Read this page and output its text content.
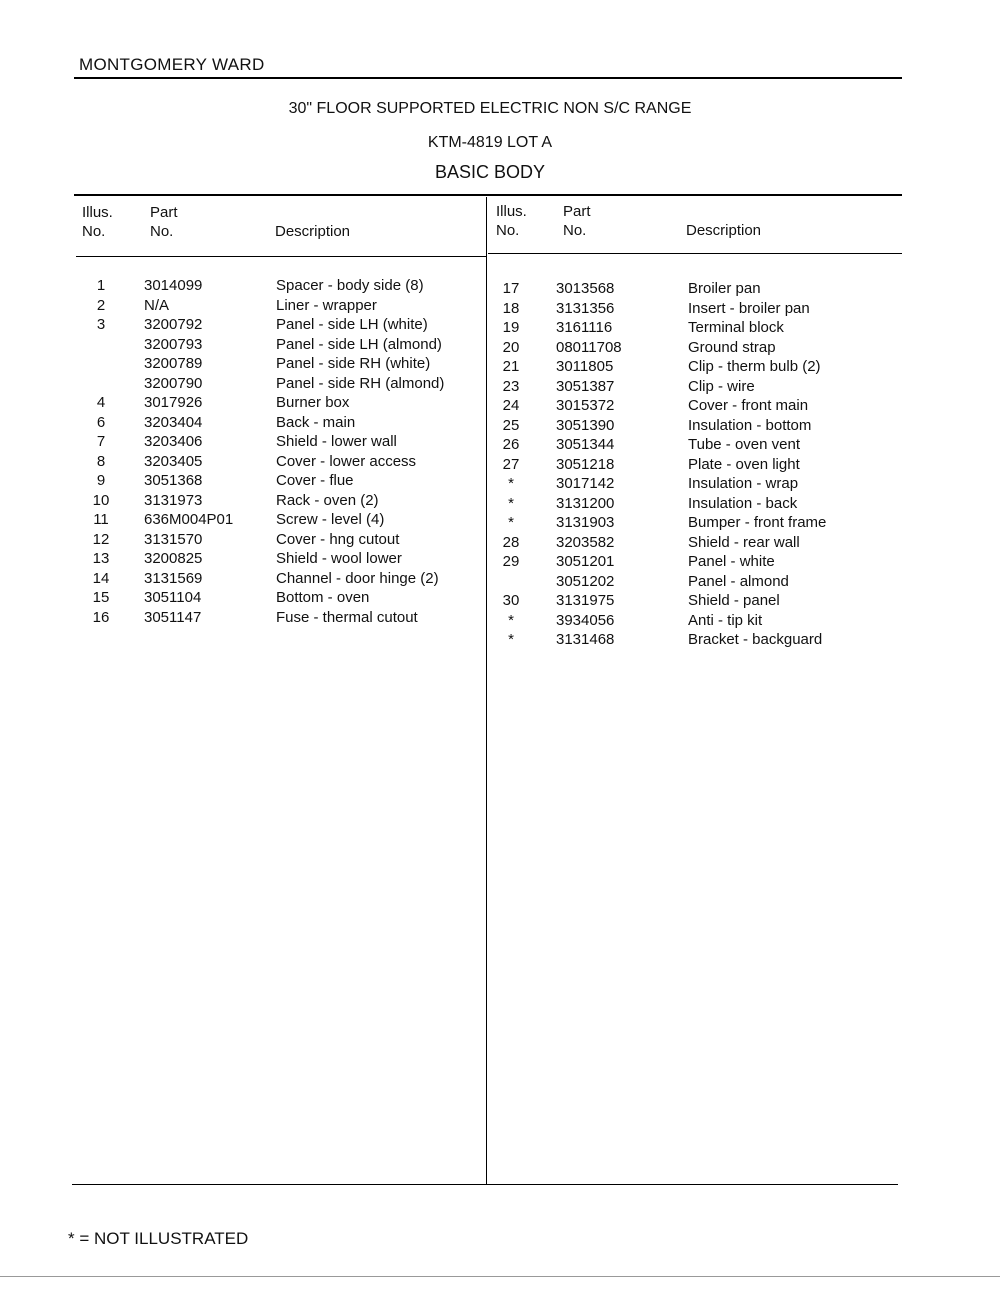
MONTGOMERY WARD
30" FLOOR SUPPORTED ELECTRIC NON S/C RANGE
KTM-4819 LOT A
BASIC BODY
Illus.
No.
Part
No.	Description
Illus.
No.
Part
No.	Description
1	3014099	Spacer - body side (8)
2	N/A	Liner - wrapper
3	3200792	Panel - side LH (white)
3200793	Panel - side LH (almond)
3200789	Panel - side RH (white)
3200790	Panel - side RH (almond)
4	3017926	Burner box
6	3203404	Back - main
7	3203406	Shield - lower wall
8	3203405	Cover - lower access
9	3051368	Cover - flue
10	3131973	Rack - oven (2)
11	636M004P01	Screw - level (4)
12	3131570	Cover - hng cutout
13	3200825	Shield - wool lower
14	3131569	Channel - door hinge (2)
15	3051104	Bottom - oven
16	3051147	Fuse - thermal cutout
17	3013568	Broiler pan
18	3131356	Insert - broiler pan
19	3161116	Terminal block
20	08011708	Ground strap
21	3011805	Clip - therm bulb (2)
23	3051387	Clip - wire
24	3015372	Cover - front main
25	3051390	Insulation - bottom
26	3051344	Tube - oven vent
27	3051218	Plate - oven light
*	3017142	Insulation - wrap
*	3131200	Insulation - back
*	3131903	Bumper - front frame
28	3203582	Shield - rear wall
29	3051201	Panel - white
3051202	Panel - almond
30	3131975	Shield - panel
*	3934056	Anti - tip kit
*	3131468	Bracket - backguard
* = NOT ILLUSTRATED
